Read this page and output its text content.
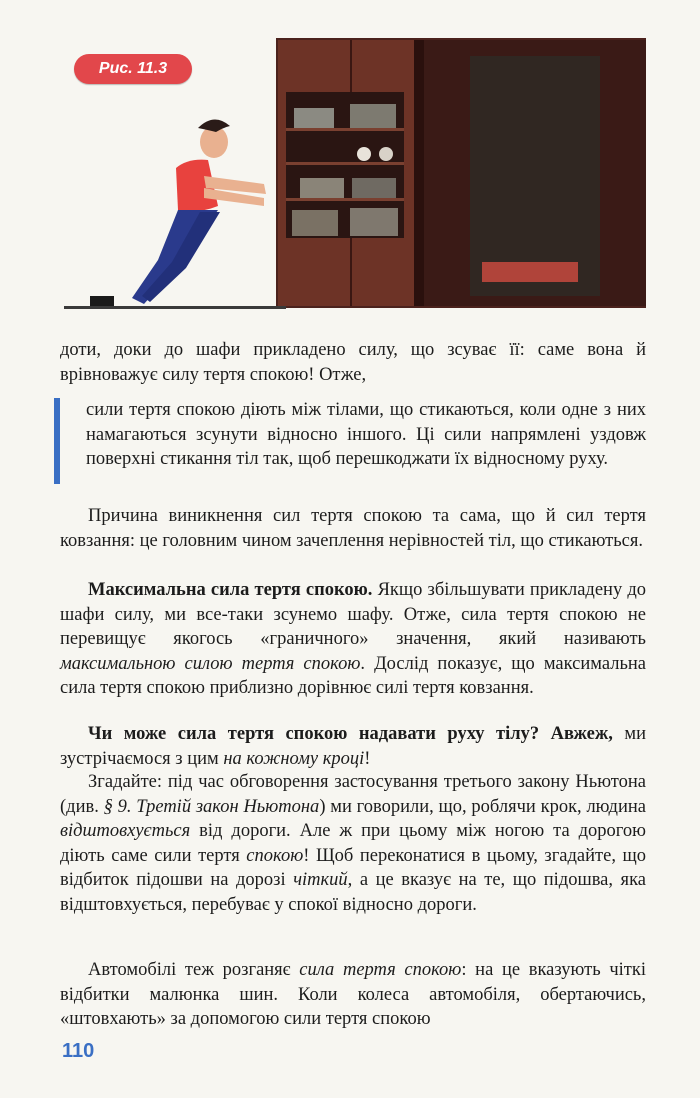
Рис. 11.3

доти, доки до шафи прикладено силу, що зсуває її: саме вона й врівноважує силу тертя спокою! Отже,

сили тертя спокою діють між тілами, що стикаються, коли одне з них намагаються зсунути відносно іншого. Ці сили напрямлені уздовж поверхні стикання тіл так, щоб перешкоджати їх відносному руху.

Причина виникнення сил тертя спокою та сама, що й сил тертя ковзання: це головним чином зачеплення нерівностей тіл, що стикаються.

Максимальна сила тертя спокою. Якщо збільшувати прикладену до шафи силу, ми все-таки зсунемо шафу. Отже, сила тертя спокою не перевищує якогось «граничного» значення, який називають максимальною силою тертя спокою. Дослід показує, що максимальна сила тертя спокою приблизно дорівнює силі тертя ковзання.

Чи може сила тертя спокою надавати руху тілу? Авжеж, ми зустрічаємося з цим на кожному кроці!

Згадайте: під час обговорення застосування третього закону Ньютона (див. § 9. Третій закон Ньютона) ми говорили, що, роблячи крок, людина відштовхується від дороги. Але ж при цьому між ногою та дорогою діють саме сили тертя спокою! Щоб переконатися в цьому, згадайте, що відбиток підошви на дорозі чіткий, а це вказує на те, що підошва, яка відштовхується, перебуває у спокої відносно дороги.

Автомобілі теж розганяє сила тертя спокою: на це вказують чіткі відбитки малюнка шин. Коли колеса автомобіля, обертаючись, «штовхають» за допомогою сили тертя спокою

110
